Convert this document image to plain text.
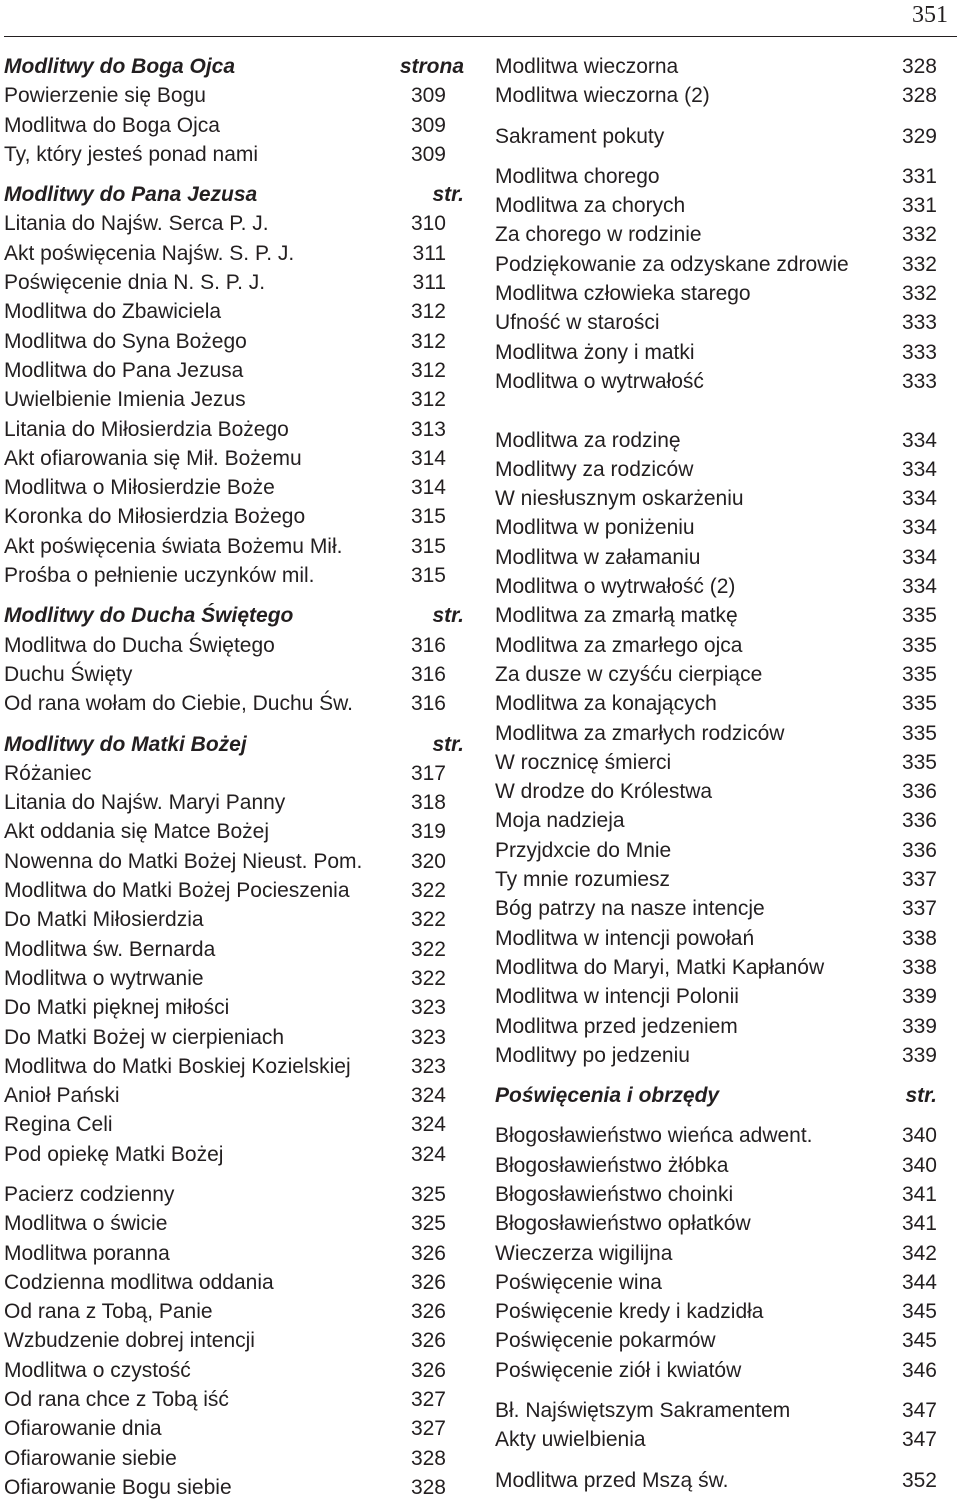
351
Modlitwy do Boga Ojca	strona
Powierzenie się Bogu	309
Modlitwa do Boga Ojca	309
Ty, który jesteś ponad nami	309
Modlitwy do Pana Jezusa	str.
Litania do Najśw. Serca P. J.	310
Akt poświęcenia Najśw. S. P. J.	311
Poświęcenie dnia N. S. P. J.	311
Modlitwa do Zbawiciela	312
Modlitwa do Syna Bożego	312
Modlitwa do Pana Jezusa	312
Uwielbienie Imienia Jezus	312
Litania do Miłosierdzia Bożego	313
Akt ofiarowania się Mił. Bożemu	314
Modlitwa o Miłosierdzie Boże	314
Koronka do Miłosierdzia Bożego	315
Akt poświęcenia świata Bożemu Mił.	315
Prośba o pełnienie uczynków mil.	315
Modlitwy do Ducha Świętego	str.
Modlitwa do Ducha Świętego	316
Duchu Święty	316
Od rana wołam do Ciebie, Duchu Św.	316
Modlitwy do Matki Bożej	str.
Różaniec	317
Litania do Najśw. Maryi Panny	318
Akt oddania się Matce Bożej	319
Nowenna do Matki Bożej Nieust. Pom. 320
Modlitwa do Matki Bożej Pocieszenia	322
Do Matki Miłosierdzia	322
Modlitwa św. Bernarda	322
Modlitwa o wytrwanie	322
Do Matki pięknej miłości	323
Do Matki Bożej w cierpieniach	323
Modlitwa do Matki Boskiej Kozielskiej	323
Anioł Pański	324
Regina Celi	324
Pod opiekę Matki Bożej	324
Pacierz codzienny	325
Modlitwa o świcie	325
Modlitwa poranna	326
Codzienna modlitwa oddania	326
Od rana z Tobą, Panie	326
Wzbudzenie dobrej intencji	326
Modlitwa o czystość	326
Od rana chce z Tobą iść	327
Ofiarowanie dnia	327
Ofiarowanie siebie	328
Ofiarowanie Bogu siebie	328
Modlitwa wieczorna	328
Modlitwa wieczorna (2)	328
Sakrament pokuty	329
Modlitwa chorego	331
Modlitwa za chorych	331
Za chorego w rodzinie	332
Podziękowanie za odzyskane zdrowie	332
Modlitwa człowieka starego	332
Ufność w starości	333
Modlitwa żony i matki	333
Modlitwa o wytrwałość	333
Modlitwa za rodzinę	334
Modlitwy za rodziców	334
W niesłusznym oskarżeniu	334
Modlitwa w poniżeniu	334
Modlitwa w załamaniu	334
Modlitwa o wytrwałość (2)	334
Modlitwa za zmarłą matkę	335
Modlitwa za zmarłego ojca	335
Za dusze w czyśću cierpiące	335
Modlitwa za konających	335
Modlitwa za zmarłych rodziców	335
W rocznicę śmierci	335
W drodze do Królestwa	336
Moja nadzieja	336
Przyjdxcie do Mnie	336
Ty mnie rozumiesz	337
Bóg patrzy na nasze intencje	337
Modlitwa w intencji powołań	338
Modlitwa do Maryi, Matki Kapłanów	338
Modlitwa w intencji Polonii	339
Modlitwa przed jedzeniem	339
Modlitwy po jedzeniu	339
Poświęcenia i obrzędy	str.
Błogosławieństwo wieńca adwent.	340
Błogosławieństwo żłóbka	340
Błogosławieństwo choinki	341
Błogosławieństwo opłatków	341
Wieczerza wigilijna	342
Poświęcenie wina	344
Poświęcenie kredy i kadzidła	345
Poświęcenie pokarmów	345
Poświęcenie ziół i kwiatów	346
Bł. Najświętszym Sakramentem	347
Akty uwielbienia	347
Modlitwa przed Mszą św.	352
